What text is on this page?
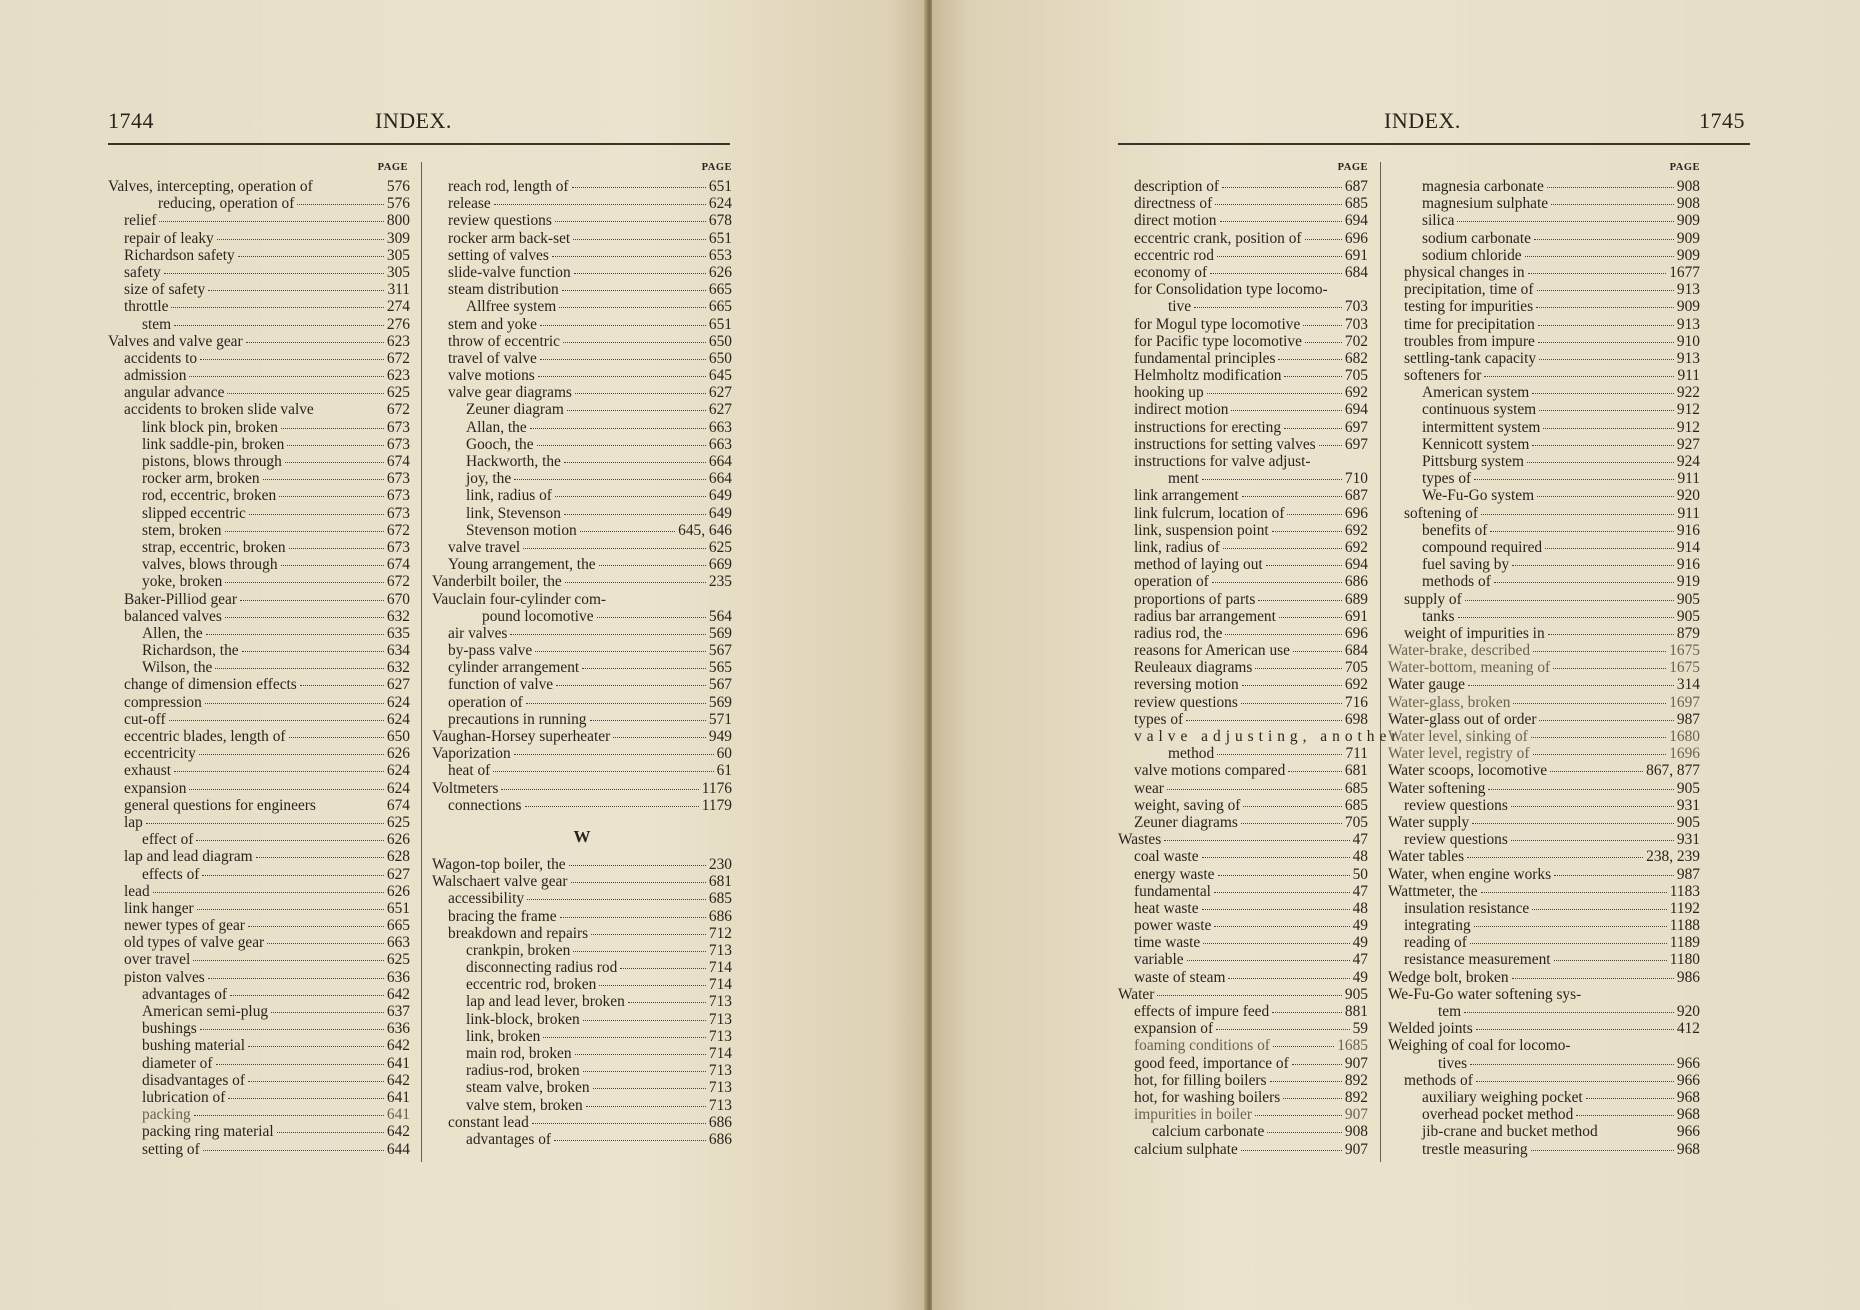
1744	INDEX.
PAGE	PAGE
Valves, intercepting, operation of	576
reducing, operation of	576
relief	800
repair of leaky	309
Richardson safety	305
safety	305
size of safety	311
throttle	274
stem	276
Valves and valve gear	623
accidents to	672
admission	623
angular advance	625
accidents to broken slide valve	672
link block pin, broken	673
link saddle-pin, broken	673
pistons, blows through	674
rocker arm, broken	673
rod, eccentric, broken	673
slipped eccentric	673
stem, broken	672
strap, eccentric, broken	673
valves, blows through	674
yoke, broken	672
Baker-Pilliod gear	670
balanced valves	632
Allen, the	635
Richardson, the	634
Wilson, the	632
change of dimension effects	627
compression	624
cut-off	624
eccentric blades, length of	650
eccentricity	626
exhaust	624
expansion	624
general questions for engineers	674
lap	625
effect of	626
lap and lead diagram	628
effects of	627
lead	626
link hanger	651
newer types of gear	665
old types of valve gear	663
over travel	625
piston valves	636
advantages of	642
American semi-plug	637
bushings	636
bushing material	642
diameter of	641
disadvantages of	642
lubrication of	641
packing	641
packing ring material	642
setting of	644
reach rod, length of	651
release	624
review questions	678
rocker arm back-set	651
setting of valves	653
slide-valve function	626
steam distribution	665
Allfree system	665
stem and yoke	651
throw of eccentric	650
travel of valve	650
valve motions	645
valve gear diagrams	627
Zeuner diagram	627
Allan, the	663
Gooch, the	663
Hackworth, the	664
joy, the	664
link, radius of	649
link, Stevenson	649
Stevenson motion	645, 646
valve travel	625
Young arrangement, the	669
Vanderbilt boiler, the	235
Vauclain four-cylinder com-
pound locomotive	564
air valves	569
by-pass valve	567
cylinder arrangement	565
function of valve	567
operation of	569
precautions in running	571
Vaughan-Horsey superheater	949
Vaporization	60
heat of	61
Voltmeters	1176
connections	1179
W
Wagon-top boiler, the	230
Walschaert valve gear	681
accessibility	685
bracing the frame	686
breakdown and repairs	712
crankpin, broken	713
disconnecting radius rod	714
eccentric rod, broken	714
lap and lead lever, broken	713
link-block, broken	713
link, broken	713
main rod, broken	714
radius-rod, broken	713
steam valve, broken	713
valve stem, broken	713
constant lead	686
advantages of	686
INDEX.	1745
PAGE	PAGE
description of	687
directness of	685
direct motion	694
eccentric crank, position of	696
eccentric rod	691
economy of	684
for Consolidation type locomo-
tive	703
for Mogul type locomotive	703
for Pacific type locomotive	702
fundamental principles	682
Helmholtz modification	705
hooking up	692
indirect motion	694
instructions for erecting	697
instructions for setting valves 697
instructions for valve adjust-
ment	710
link arrangement	687
link fulcrum, location of	696
link, suspension point	692
link, radius of	692
method of laying out	694
operation of	686
proportions of parts	689
radius bar arrangement	691
radius rod, the	696
reasons for American use	684
Reuleaux diagrams	705
reversing motion	692
review questions	716
types of	698
valve adjusting, another
method	711
valve motions compared	681
wear	685
weight, saving of	685
Zeuner diagrams	705
Wastes	47
coal waste	48
energy waste	50
fundamental	47
heat waste	48
power waste	49
time waste	49
variable	47
waste of steam	49
Water	905
effects of impure feed	881
expansion of	59
foaming conditions of	1685
good feed, importance of	907
hot, for filling boilers	892
hot, for washing boilers	892
impurities in boiler	907
calcium carbonate	908
calcium sulphate	907
magnesia carbonate	908
magnesium sulphate	908
silica	909
sodium carbonate	909
sodium chloride	909
physical changes in	1677
precipitation, time of	913
testing for impurities	909
time for precipitation	913
troubles from impure	910
settling-tank capacity	913
softeners for	911
American system	922
continuous system	912
intermittent system	912
Kennicott system	927
Pittsburg system	924
types of	911
We-Fu-Go system	920
softening of	911
benefits of	916
compound required	914
fuel saving by	916
methods of	919
supply of	905
tanks	905
weight of impurities in	879
Water-brake, described	1675
Water-bottom, meaning of	1675
Water gauge	314
Water-glass, broken	1697
Water-glass out of order	987
Water level, sinking of	1680
Water level, registry of	1696
Water scoops, locomotive	867, 877
Water softening	905
review questions	931
Water supply	905
review questions	931
Water tables	238, 239
Water, when engine works	987
Wattmeter, the	1183
insulation resistance	1192
integrating	1188
reading of	1189
resistance measurement	1180
Wedge bolt, broken	986
We-Fu-Go water softening sys-
tem	920
Welded joints	412
Weighing of coal for locomo-
tives	966
methods of	966
auxiliary weighing pocket	968
overhead pocket method	968
jib-crane and bucket method	966
trestle measuring	968
